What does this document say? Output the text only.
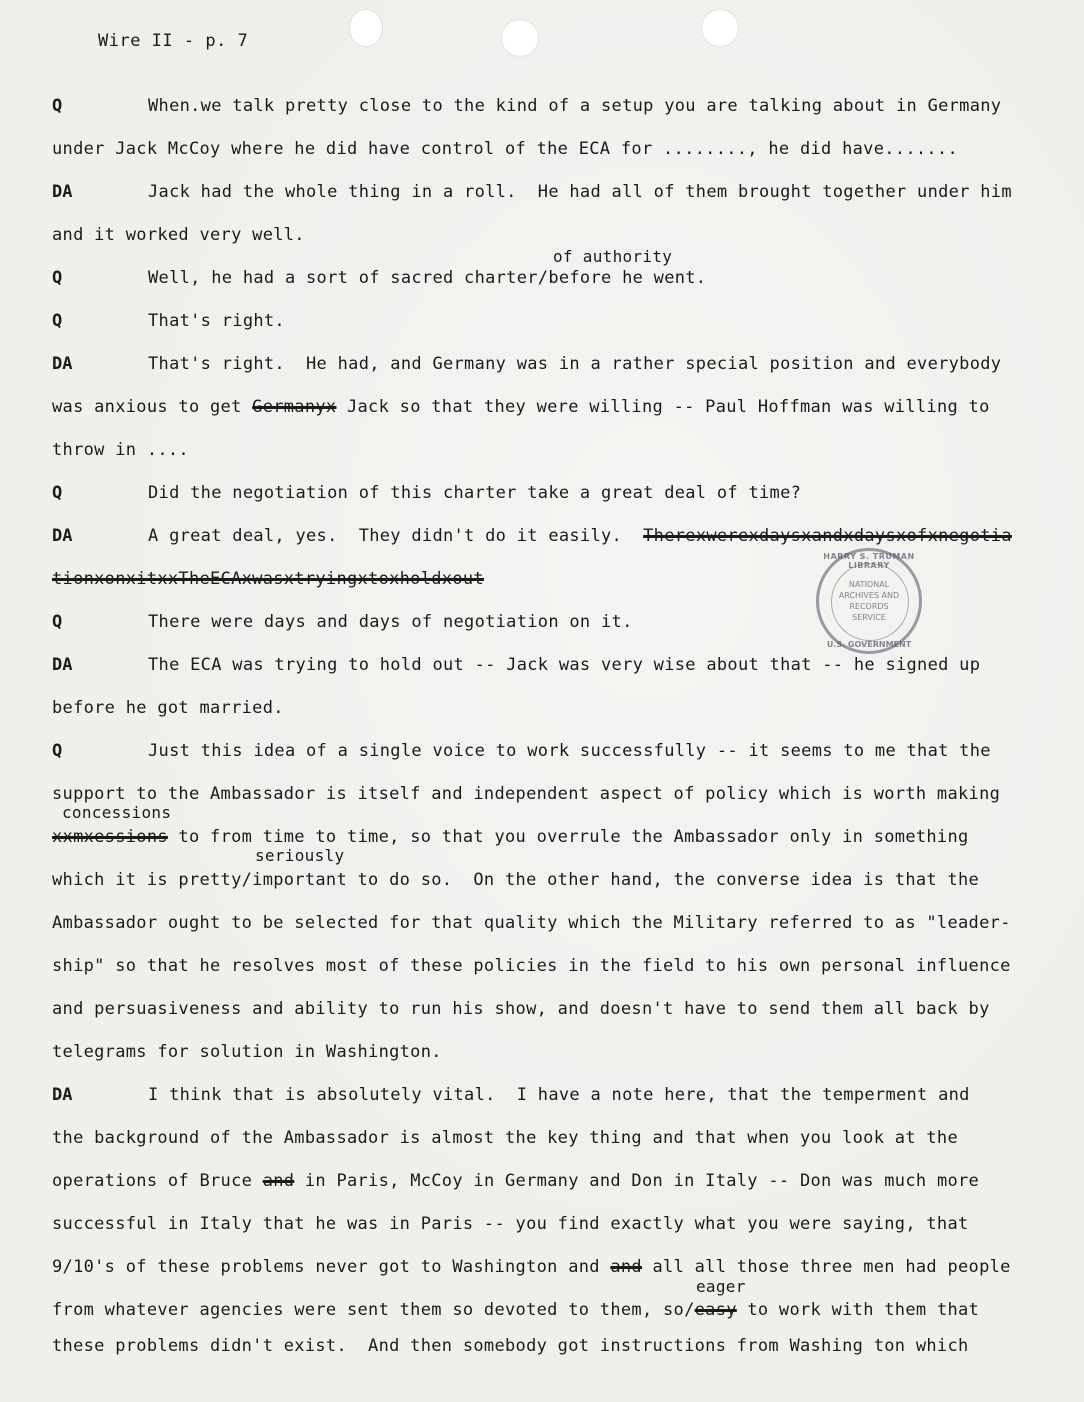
Wire II - p. 7
Q	When.we talk pretty close to the kind of a setup you are talking about in Germany
under Jack McCoy where he did have control of the ECA for ........, he did have.......
DA	Jack had the whole thing in a roll.  He had all of them brought together under him
and it worked very well.
Q	Well, he had a sort of sacred charter/before he went.
Q	That's right.
DA	That's right.  He had, and Germany was in a rather special position and everybody
was anxious to get Germanyx Jack so that they were willing -- Paul Hoffman was willing to
throw in ....
Q	Did the negotiation of this charter take a great deal of time?
DA	A great deal, yes.  They didn't do it easily.  Therexwerexdaysxandxdaysxofxnegotia
tionxonxitxxTheECAxwasxtryingxtoxholdxout
Q	There were days and days of negotiation on it.
DA	The ECA was trying to hold out -- Jack was very wise about that -- he signed up
before he got married.
Q	Just this idea of a single voice to work successfully -- it seems to me that the
support to the Ambassador is itself and independent aspect of policy which is worth making
xxmxessions to from time to time, so that you overrule the Ambassador only in something
which it is pretty/important to do so.  On the other hand, the converse idea is that the
Ambassador ought to be selected for that quality which the Military referred to as "leader-
ship" so that he resolves most of these policies in the field to his own personal influence
and persuasiveness and ability to run his show, and doesn't have to send them all back by
telegrams for solution in Washington.
DA	I think that is absolutely vital.  I have a note here, that the temperment and
the background of the Ambassador is almost the key thing and that when you look at the
operations of Bruce and in Paris, McCoy in Germany and Don in Italy -- Don was much more
successful in Italy that he was in Paris -- you find exactly what you were saying, that
9/10's of these problems never got to Washington and and all all those three men had people
from whatever agencies were sent them so devoted to them, so/easy to work with them that
these problems didn't exist.  And then somebody got instructions from Washing ton which
of authority
concessions
seriously
eager
HARRY S. TRUMAN LIBRARY
NATIONAL
ARCHIVES AND
RECORDS
SERVICE
U.S. GOVERNMENT
